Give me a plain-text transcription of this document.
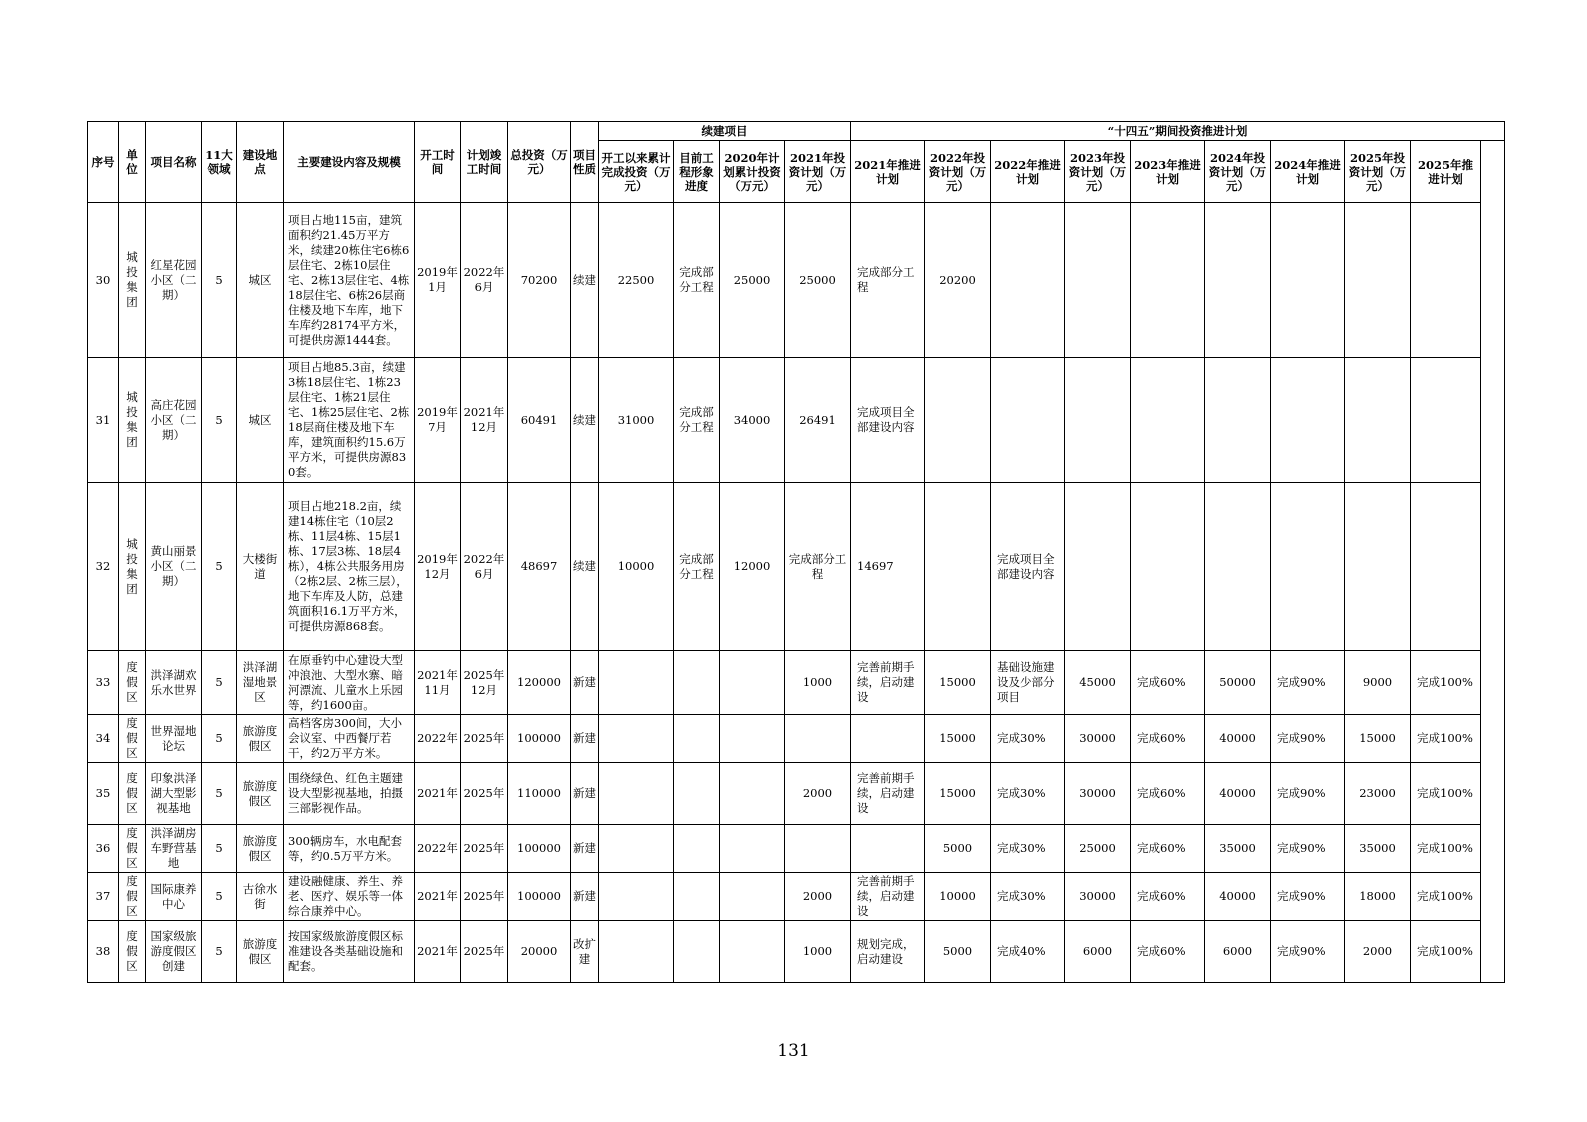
序号	单位	项目名称	11大领域	建设地点	主要建设内容及规模	开工时间	计划竣工时间	总投资（万元）	项目性质	续建项目				“十四五”期间投资推进计划								
										开工以来累计完成投资（万元）	目前工程形象进度	2020年计划累计投资（万元）	2021年投资计划（万元）	2021年推进计划	2022年投资计划（万元）	2022年推进计划	2023年投资计划（万元）	2023年推进计划	2024年投资计划（万元）	2024年推进计划	2025年投资计划（万元）	2025年推进计划
30	城投集团	红星花园小区（二期）	5	城区	项目占地115亩，建筑面积约21.45万平方米，续建20栋住宅6栋6层住宅、2栋10层住宅、2栋13层住宅、4栋18层住宅、6栋26层商住楼及地下车库，地下车库约28174平方米，可提供房源1444套。	2019年1月	2022年6月	70200	续建	22500	完成部分工程	25000	25000	完成部分工程	20200							
31	城投集团	高庄花园小区（二期）	5	城区	项目占地85.3亩，续建3栋18层住宅、1栋23层住宅、1栋21层住宅、1栋25层住宅、2栋18层商住楼及地下车库，建筑面积约15.6万平方米，可提供房源830套。	2019年7月	2021年12月	60491	续建	31000	完成部分工程	34000	26491	完成项目全部建设内容								
32	城投集团	黄山丽景小区（二期）	5	大楼街道	项目占地218.2亩，续建14栋住宅（10层2栋、11层4栋、15层1栋、17层3栋、18层4栋），4栋公共服务用房（2栋2层、2栋三层），地下车库及人防，总建筑面积16.1万平方米，可提供房源868套。	2019年12月	2022年6月	48697	续建	10000	完成部分工程	12000	完成部分工程	14697		完成项目全部建设内容						
33	度假区	洪泽湖欢乐水世界	5	洪泽湖湿地景区	在原垂钓中心建设大型冲浪池、大型水寨、暗河漂流、儿童水上乐园等，约1600亩。	2021年11月	2025年12月	120000	新建				1000	完善前期手续，启动建设	15000	基础设施建设及少部分项目	45000	完成60%	50000	完成90%	9000	完成100%
34	度假区	世界湿地论坛	5	旅游度假区	高档客房300间，大小会议室、中西餐厅若干，约2万平方米。	2022年	2025年	100000	新建						15000	完成30%	30000	完成60%	40000	完成90%	15000	完成100%
35	度假区	印象洪泽湖大型影视基地	5	旅游度假区	围绕绿色、红色主题建设大型影视基地，拍摄三部影视作品。	2021年	2025年	110000	新建				2000	完善前期手续，启动建设	15000	完成30%	30000	完成60%	40000	完成90%	23000	完成100%
36	度假区	洪泽湖房车野营基地	5	旅游度假区	300辆房车，水电配套等，约0.5万平方米。	2022年	2025年	100000	新建						5000	完成30%	25000	完成60%	35000	完成90%	35000	完成100%
37	度假区	国际康养中心	5	古徐水街	建设融健康、养生、养老、医疗、娱乐等一体综合康养中心。	2021年	2025年	100000	新建				2000	完善前期手续，启动建设	10000	完成30%	30000	完成60%	40000	完成90%	18000	完成100%
38	度假区	国家级旅游度假区创建	5	旅游度假区	按国家级旅游度假区标准建设各类基础设施和配套。	2021年	2025年	20000	改扩建				1000	规划完成，启动建设	5000	完成40%	6000	完成60%	6000	完成90%	2000	完成100%
131
